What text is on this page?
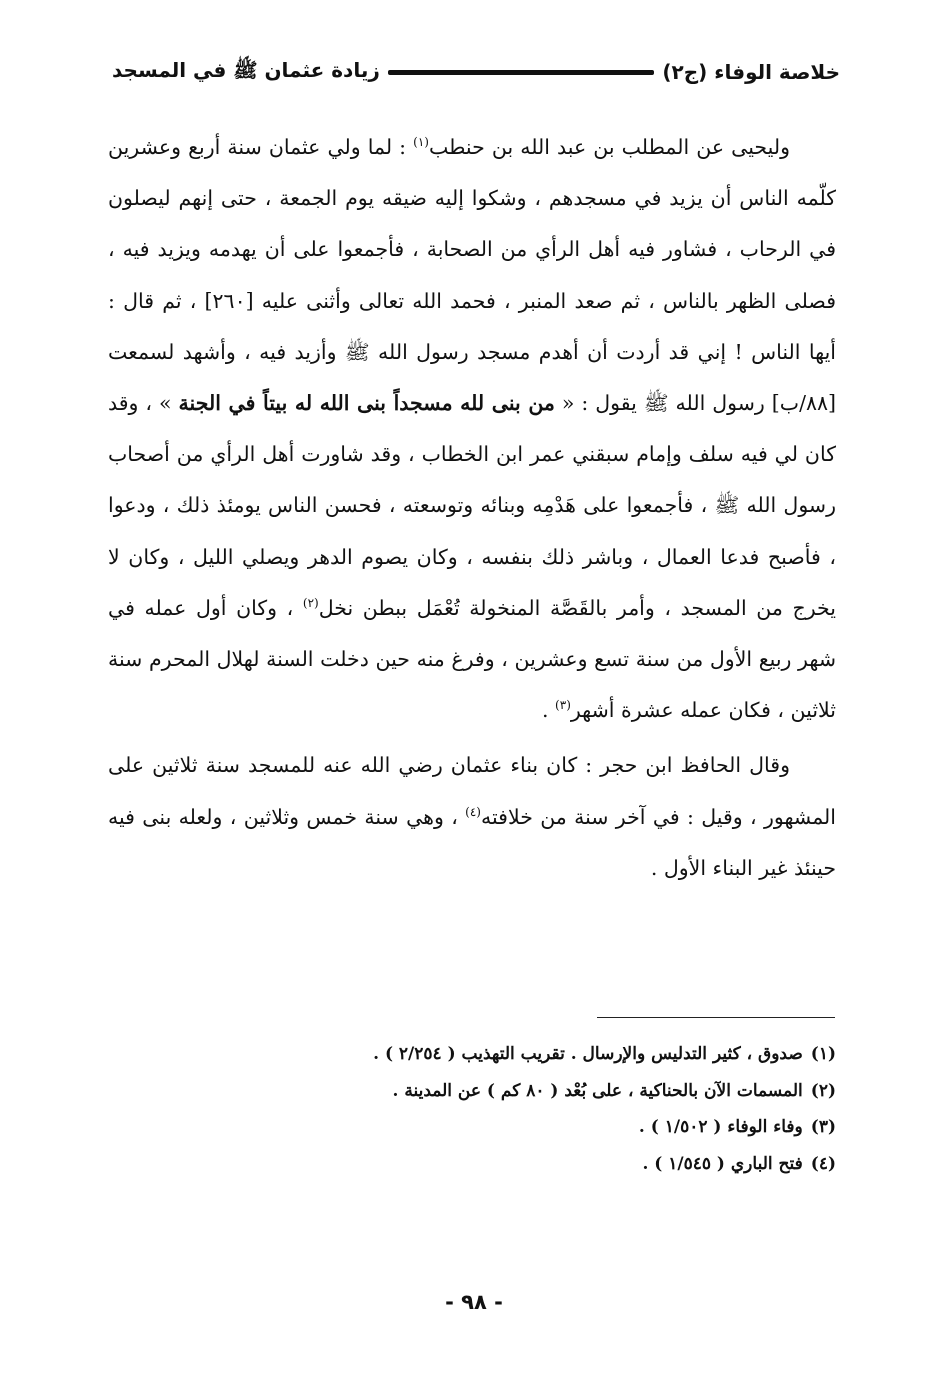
خلاصة الوفاء (ج٢)
زيادة عثمان ﷺ في المسجد

وليحيى عن المطلب بن عبد الله بن حنطب$^{(١)}$ : لما ولي عثمان سنة أربع وعشرين كلّمه الناس أن يزيد في مسجدهم ، وشكوا إليه ضيقه يوم الجمعة ، حتى إنهم ليصلون في الرحاب ، فشاور فيه أهل الرأي من الصحابة ، فأجمعوا على أن يهدمه ويزيد فيه ، فصلى الظهر بالناس ، ثم صعد المنبر ، فحمد الله تعالى وأثنى عليه [٢٦٠] ، ثم قال : أيها الناس ! إني قد أردت أن أهدم مسجد رسول الله ﷺ وأزيد فيه ، وأشهد لسمعت [٨٨/ب] رسول الله ﷺ يقول : « من بنى لله مسجداً بنى الله له بيتاً في الجنة » ، وقد كان لي فيه سلف وإمام سبقني عمر ابن الخطاب ، وقد شاورت أهل الرأي من أصحاب رسول الله ﷺ ، فأجمعوا على هَدْمِه وبنائه وتوسعته ، فحسن الناس يومئذ ذلك ، ودعوا ، فأصبح فدعا العمال ، وباشر ذلك بنفسه ، وكان يصوم الدهر ويصلي الليل ، وكان لا يخرج من المسجد ، وأمر بالقَصَّة المنخولة تُعْمَل ببطن نخل$^{(٢)}$ ، وكان أول عمله في شهر ربيع الأول من سنة تسع وعشرين ، وفرغ منه حين دخلت السنة لهلال المحرم سنة ثلاثين ، فكان عمله عشرة أشهر$^{(٣)}$ .

وقال الحافظ ابن حجر : كان بناء عثمان رضي الله عنه للمسجد سنة ثلاثين على المشهور ، وقيل : في آخر سنة من خلافته$^{(٤)}$ ، وهي سنة خمس وثلاثين ، ولعله بنى فيه حينئذ غير البناء الأول .

(١)صدوق ، كثير التدليس والإرسال . تقريب التهذيب ( ٢/٢٥٤ ) .
(٢)المسمات الآن بالحناكية ، على بُعْد ( ٨٠ كم ) عن المدينة .
(٣)وفاء الوفاء ( ١/٥٠٢ ) .
(٤)فتح الباري ( ١/٥٤٥ ) .
- ٩٨ -
